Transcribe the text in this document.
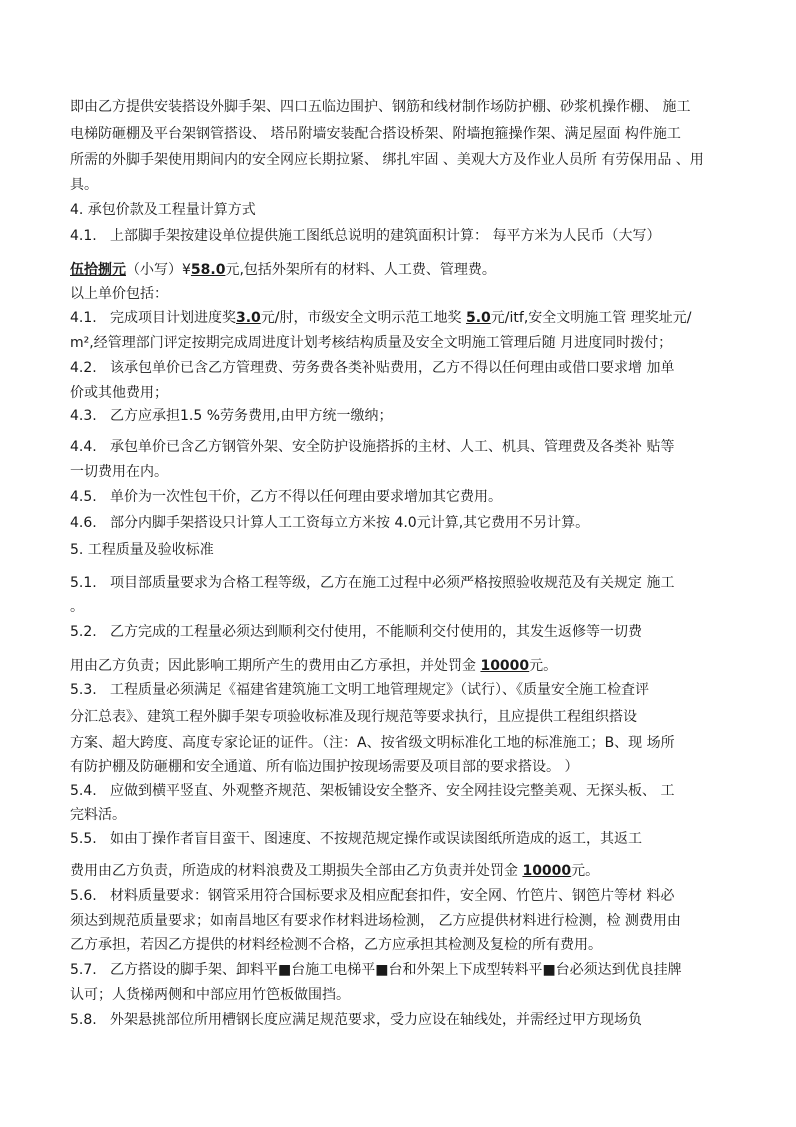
即由乙方提供安装搭设外脚手架、四口五临边围护、钢筋和线材制作场防护棚、砂浆机操作棚、 施工
电梯防砸棚及平台架钢管搭设、 塔吊附墙安装配合搭设桥架、附墙抱箍操作架、满足屋面 构件施工
所需的外脚手架使用期间内的安全网应长期拉紧、 绑扎牢固 、美观大方及作业人员所 有劳保用品 、用
具。
4. 承包价款及工程量计算方式
4.1. 上部脚手架按建设单位提供施工图纸总说明的建筑面积计算： 每平方米为人民币（大写）
伍拾捌元（小写）¥58.0元,包括外架所有的材料、人工费、管理费。
以上单价包括：
4.1. 完成项目计划进度奖3.0元/肘，市级安全文明示范工地奖 5.0元/itf,安全文明施工管 理奖址元/
m²,经管理部门评定按期完成周进度计划考核结构质量及安全文明施工管理后随 月进度同时拨付；
4.2. 该承包单价已含乙方管理费、劳务费各类补贴费用，乙方不得以任何理由或借口要求增 加单
价或其他费用；
4.3. 乙方应承担1.5 %劳务费用,由甲方统一缴纳；
4.4. 承包单价已含乙方钢管外架、安全防护设施搭拆的主材、人工、机具、管理费及各类补 贴等
一切费用在内。
4.5. 单价为一次性包干价，乙方不得以任何理由要求增加其它费用。
4.6. 部分内脚手架搭设只计算人工工资每立方米按 4.0元计算,其它费用不另计算。
5. 工程质量及验收标准
5.1. 项目部质量要求为合格工程等级，乙方在施工过程中必须严格按照验收规范及有关规定 施工
。
5.2. 乙方完成的工程量必须达到顺利交付使用，不能顺利交付使用的，其发生返修等一切费
用由乙方负责；因此影响工期所产生的费用由乙方承担，并处罚金 10000元。
5.3. 工程质量必须满足《福建省建筑施工文明工地管理规定》（试行）、《质量安全施工检査评
分汇总表》、建筑工程外脚手架专项验收标准及现行规范等要求执行，且应提供工程组织搭设
方案、超大跨度、高度专家论证的证件。（注：A、按省级文明标准化工地的标准施工；B、现 场所
有防护棚及防砸棚和安全通道、所有临边围护按现场需要及项目部的要求搭设。 ）
5.4. 应做到横平竖直、外观整齐规范、架板铺设安全整齐、安全网挂设完整美观、无探头板、 工
完料活。
5.5. 如由丁操作者盲目蛮干、图速度、不按规范规定操作或误读图纸所造成的返工，其返工
费用由乙方负责，所造成的材料浪费及工期损失全部由乙方负责并处罚金 10000元。
5.6. 材料质量要求：钢管采用符合国标要求及相应配套扣件，安全网、竹笆片、钢笆片等材 料必
须达到规范质量要求；如南昌地区有要求作材料进场检测， 乙方应提供材料进行检测，检 测费用由
乙方承担，若因乙方提供的材料经检测不合格，乙方应承担其检测及复检的所有费用。
5.7. 乙方搭设的脚手架、卸料平■台施工电梯平■台和外架上下成型转料平■台必须达到优良挂牌
认可；人货梯两侧和中部应用竹笆板做围挡。
5.8. 外架悬挑部位所用槽钢长度应满足规范要求，受力应设在轴线处，并需经过甲方现场负
